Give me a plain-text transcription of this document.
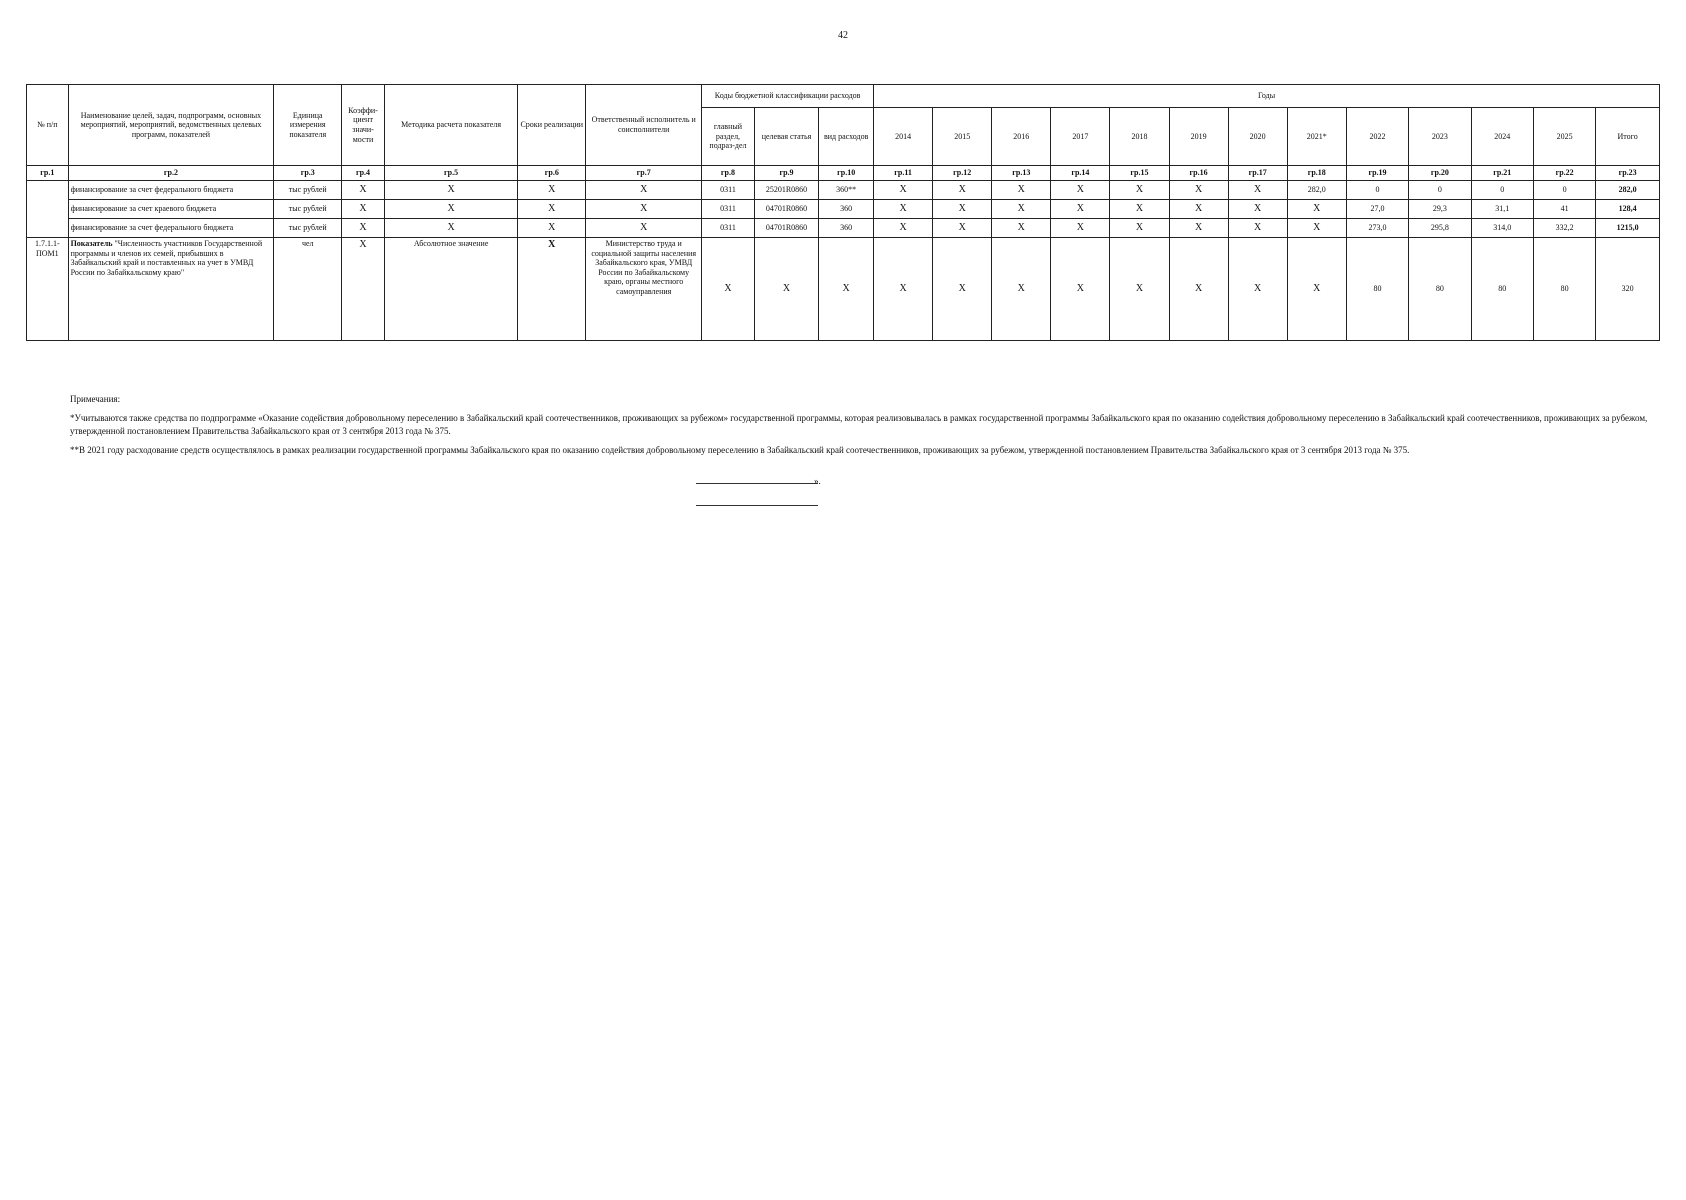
42
№ п/п	Наименование целей, задач, подпрограмм, основных мероприятий, мероприятий, ведомственных целевых программ, показателей	Единица измерения показателя	Коэффи-циент значи-мости	Методика расчета показателя	Сроки реализации	Ответственный исполнитель и соисполнители	Коды бюджетной классификации расходов			Годы												
							главный раздел, подраз-дел	целевая статья	вид расходов	2014	2015	2016	2017	2018	2019	2020	2021*	2022	2023	2024	2025	Итого
гр.1	гр.2	гр.3	гр.4	гр.5	гр.6	гр.7	гр.8	гр.9	гр.10	гр.11	гр.12	гр.13	гр.14	гр.15	гр.16	гр.17	гр.18	гр.19	гр.20	гр.21	гр.22	гр.23
	финансирование за счет федерального бюджета	тыс рублей	X	X	X	X	0311	25201R0860	360**	X	X	X	X	X	X	X	282,0	0	0	0	0	282,0
	финансирование за счет краевого бюджета	тыс рублей	X	X	X	X	0311	04701R0860	360	X	X	X	X	X	X	X	X	27,0	29,3	31,1	41	128,4
	финансирование за счет федерального бюджета	тыс рублей	X	X	X	X	0311	04701R0860	360	X	X	X	X	X	X	X	X	273,0	295,8	314,0	332,2	1215,0
1.7.1.1-ПОМ1	Показатель "Численность участников Государственной программы и членов их семей, прибывших в Забайкальский край и поставленных на учет в УМВД России по Забайкальскому краю"	чел	X	Абсолютное значение	X	Министерство труда и социальной защиты населения Забайкальского края, УМВД России по Забайкальскому краю, органы местного самоуправления	X	X	X	X	X	X	X	X	X	X	X	80	80	80	80	320

Примечания:

*Учитываются также средства по подпрограмме «Оказание содействия добровольному переселению в Забайкальский край соотечественников, проживающих за рубежом» государственной программы, которая реализовывалась в рамках государственной программы Забайкальского края по оказанию содействия добровольному переселению в Забайкальский край соотечественников, проживающих за рубежом, утвержденной постановлением Правительства Забайкальского края от 3 сентября 2013 года № 375.

**В 2021 году расходование средств осуществлялось в рамках реализации государственной программы Забайкальского края по оказанию содействия добровольному переселению в Забайкальский край соотечественников, проживающих за рубежом, утвержденной постановлением Правительства Забайкальского края от 3 сентября 2013 года № 375.

».
